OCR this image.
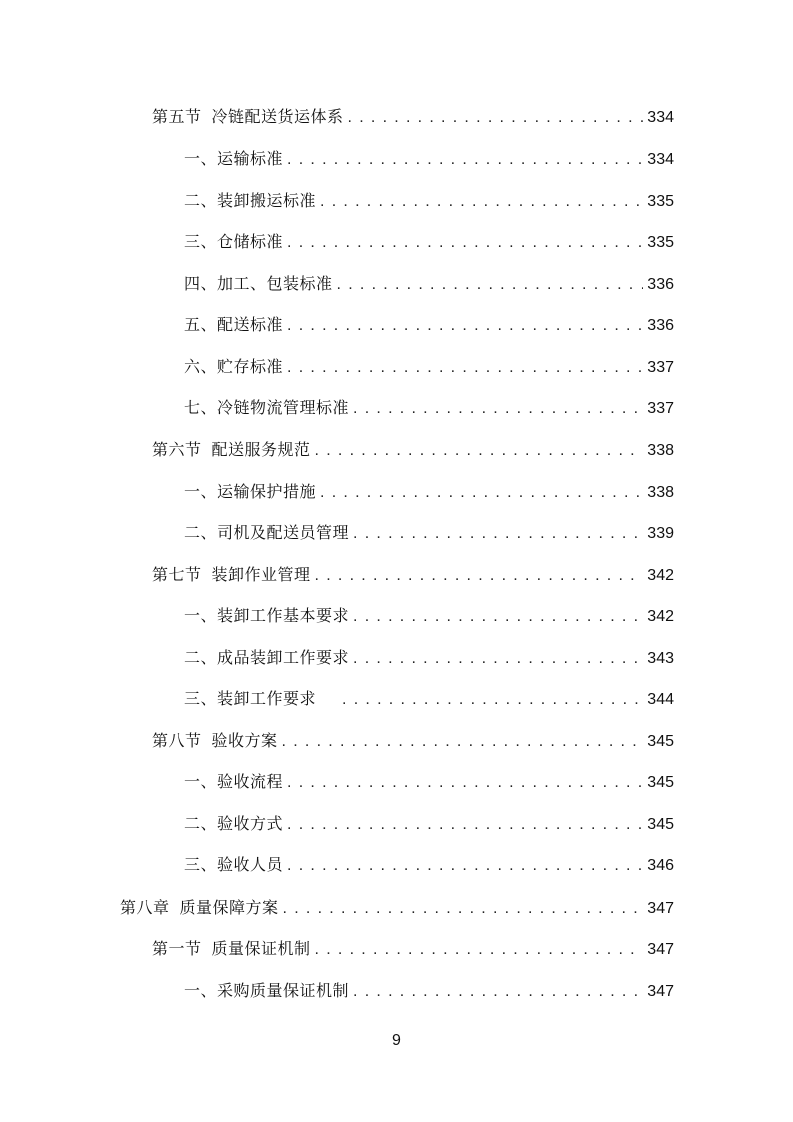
第五节 冷链配送货运体系 . . .	334
一、运输标准 . . .	334
二、装卸搬运标准 . . .	335
三、仓储标准 . . .	335
四、加工、包装标准 . . .	336
五、配送标准 . . .	336
六、贮存标准 . . .	337
七、冷链物流管理标准 . . .	337
第六节 配送服务规范 . . .	338
一、运输保护措施 . . .	338
二、司机及配送员管理 . . .	339
第七节 装卸作业管理 . . .	342
一、装卸工作基本要求 . . .	342
二、成品装卸工作要求 . . .	343
三、装卸工作要求 . . .	344
第八节 验收方案 . . .	345
一、验收流程 . . .	345
二、验收方式 . . .	345
三、验收人员 . . .	346
第八章 质量保障方案 . . .	347
第一节 质量保证机制 . . .	347
一、采购质量保证机制 . . .	347
9
